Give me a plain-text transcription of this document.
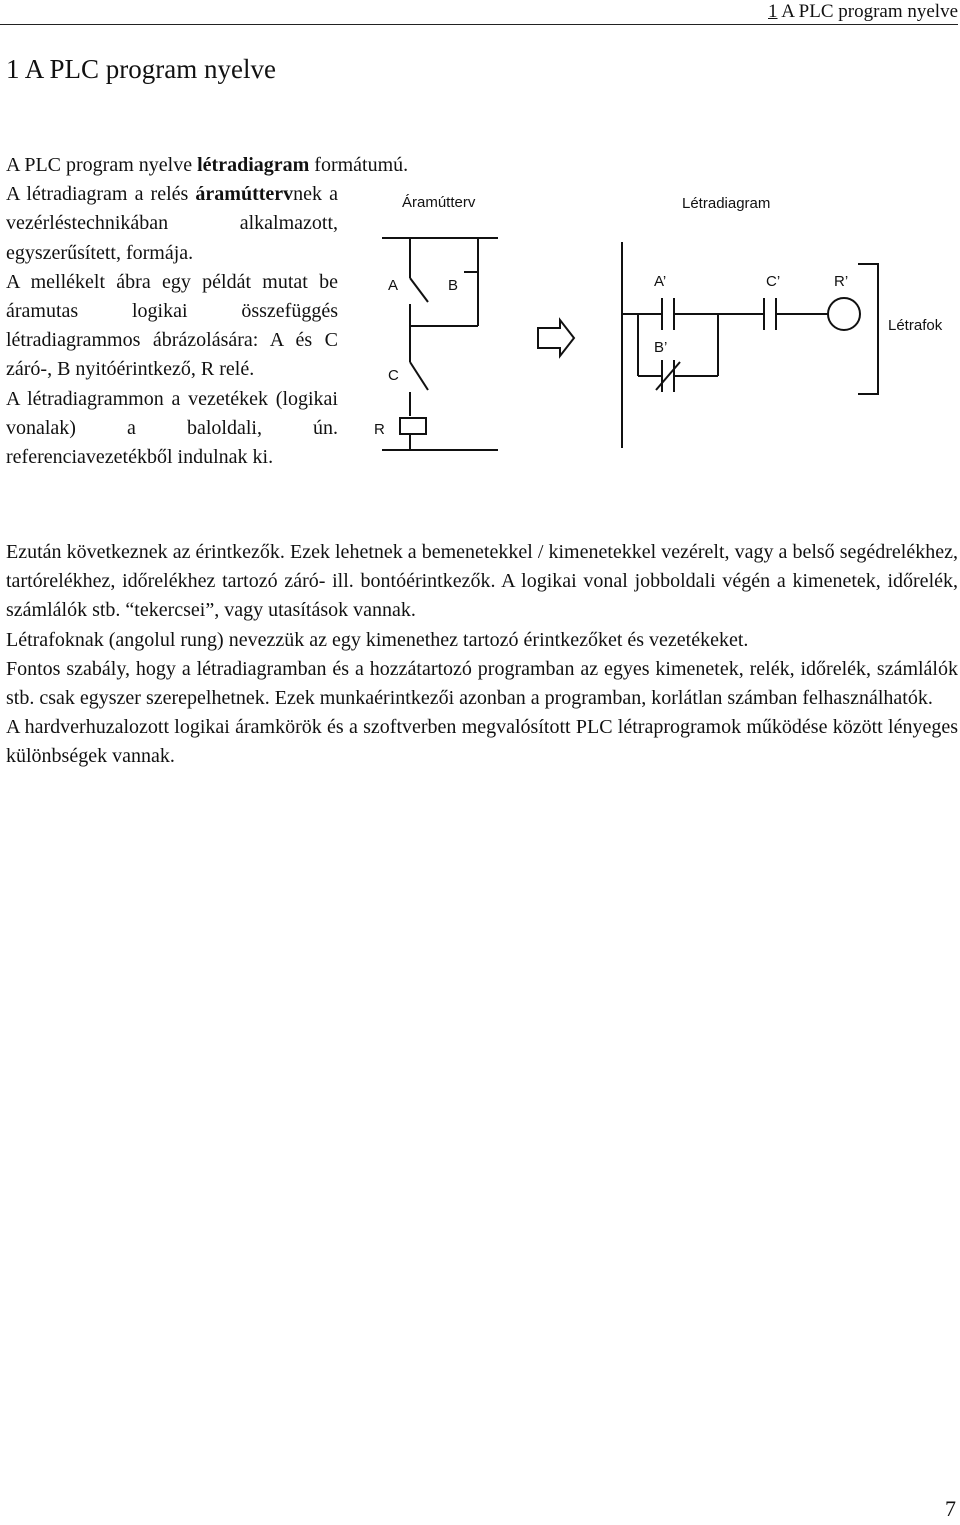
1 A PLC program nyelve
1 A PLC program nyelve

A PLC program nyelve létradiagram formátumú.

A létradiagram a relés áramúttervnek a vezérléstechnikában alkalmazott, egyszerűsített, formája.

A mellékelt ábra egy példát mutat be áramutas logikai összefüggés létradiagrammos ábrázolására: A és C záró-, B nyitóérintkező, R relé.

A létradiagrammon a vezetékek (logikai vonalak) a baloldali, ún. referenciavezetékből indulnak ki.

Áramútterv	Létradiagram
A	B
C
R
A’
B’
C’	R’
Létrafok

Ezután következnek az érintkezők. Ezek lehetnek a bemenetekkel / kimenetekkel vezérelt, vagy a belső segédrelékhez, tartórelékhez, időrelékhez tartozó záró- ill. bontóérintkezők. A logikai vonal jobboldali végén a kimenetek, időrelék, számlálók stb. “tekercsei”, vagy utasítások vannak.

Létrafoknak (angolul rung) nevezzük az egy kimenethez tartozó érintkezőket és vezetékeket.

Fontos szabály, hogy a létradiagramban és a hozzátartozó programban az egyes kimenetek, relék, időrelék, számlálók stb. csak egyszer szerepelhetnek. Ezek munkaérintkezői azonban a programban, korlátlan számban felhasználhatók.

A hardverhuzalozott logikai áramkörök és a szoftverben megvalósított PLC létraprogramok működése között lényeges különbségek vannak.

7
